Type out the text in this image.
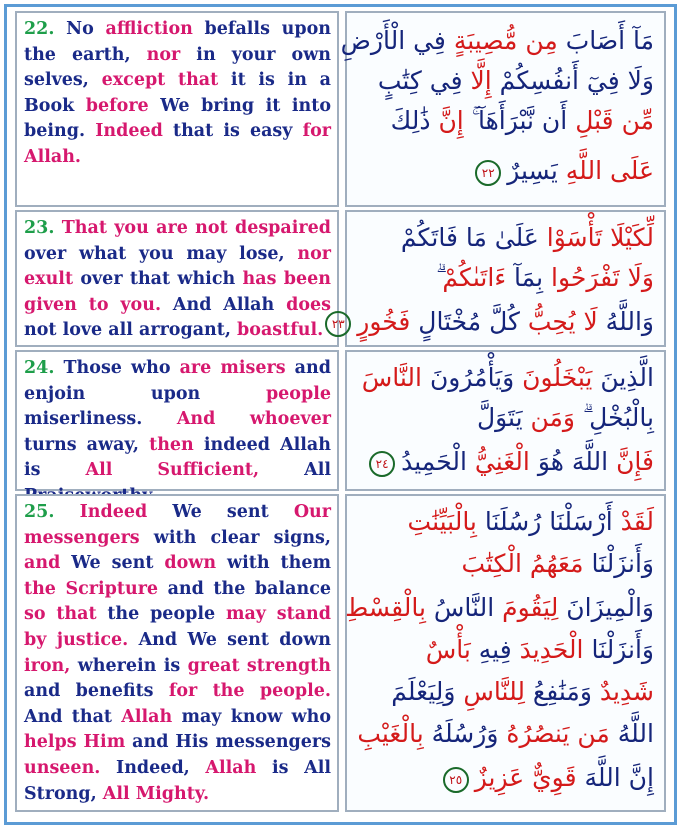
22. No affliction befalls upon the earth, nor in your own selves, except that it is in a Book before We bring it into being. Indeed that is easy for Allah.

مَآ أَصَابَ مِن مُّصِيبَةٍ فِي الْأَرْضِ
وَلَا فِيٓ أَنفُسِكُمْ إِلَّا فِي كِتَٰبٍ
مِّن قَبْلِ أَن نَّبْرَأَهَآ ۚ إِنَّ ذَٰلِكَ
عَلَى اللَّهِ يَسِيرٌ٢٢

23. That you are not despaired over what you may lose, nor exult over that which has been given to you. And Allah does not love all arrogant, boastful.

لِّكَيْلَا تَأْسَوْا عَلَىٰ مَا فَاتَكُمْ
وَلَا تَفْرَحُوا بِمَآ ءَاتَىٰكُمْ ۗ
وَاللَّهُ لَا يُحِبُّ كُلَّ مُخْتَالٍ فَخُورٍ٢٣

24. Those who are misers and enjoin upon people miserliness. And whoever turns away, then indeed Allah is All Sufficient,	All

الَّذِينَ يَبْخَلُونَ وَيَأْمُرُونَ النَّاسَ
بِالْبُخْلِ ۗ وَمَن يَتَوَلَّ
فَإِنَّ اللَّهَ هُوَ الْغَنِيُّ الْحَمِيدُ٢٤

25. Indeed We sent Our messengers with clear signs, and We sent down with them the Scripture and the balance so that the people may stand by justice. And We sent down iron, wherein is great strength and benefits for the people. And that Allah may know who helps Him and His messengers unseen. Indeed, Allah is All Strong, All Mighty.

لَقَدْ أَرْسَلْنَا رُسُلَنَا بِالْبَيِّنَٰتِ
وَأَنزَلْنَا مَعَهُمُ الْكِتَٰبَ
وَالْمِيزَانَ لِيَقُومَ النَّاسُ بِالْقِسْطِ
وَأَنزَلْنَا الْحَدِيدَ فِيهِ بَأْسٌ
شَدِيدٌ وَمَنَٰفِعُ لِلنَّاسِ وَلِيَعْلَمَ
اللَّهُ مَن يَنصُرُهُ وَرُسُلَهُ بِالْغَيْبِ
إِنَّ اللَّهَ قَوِيٌّ عَزِيزٌ٢٥
